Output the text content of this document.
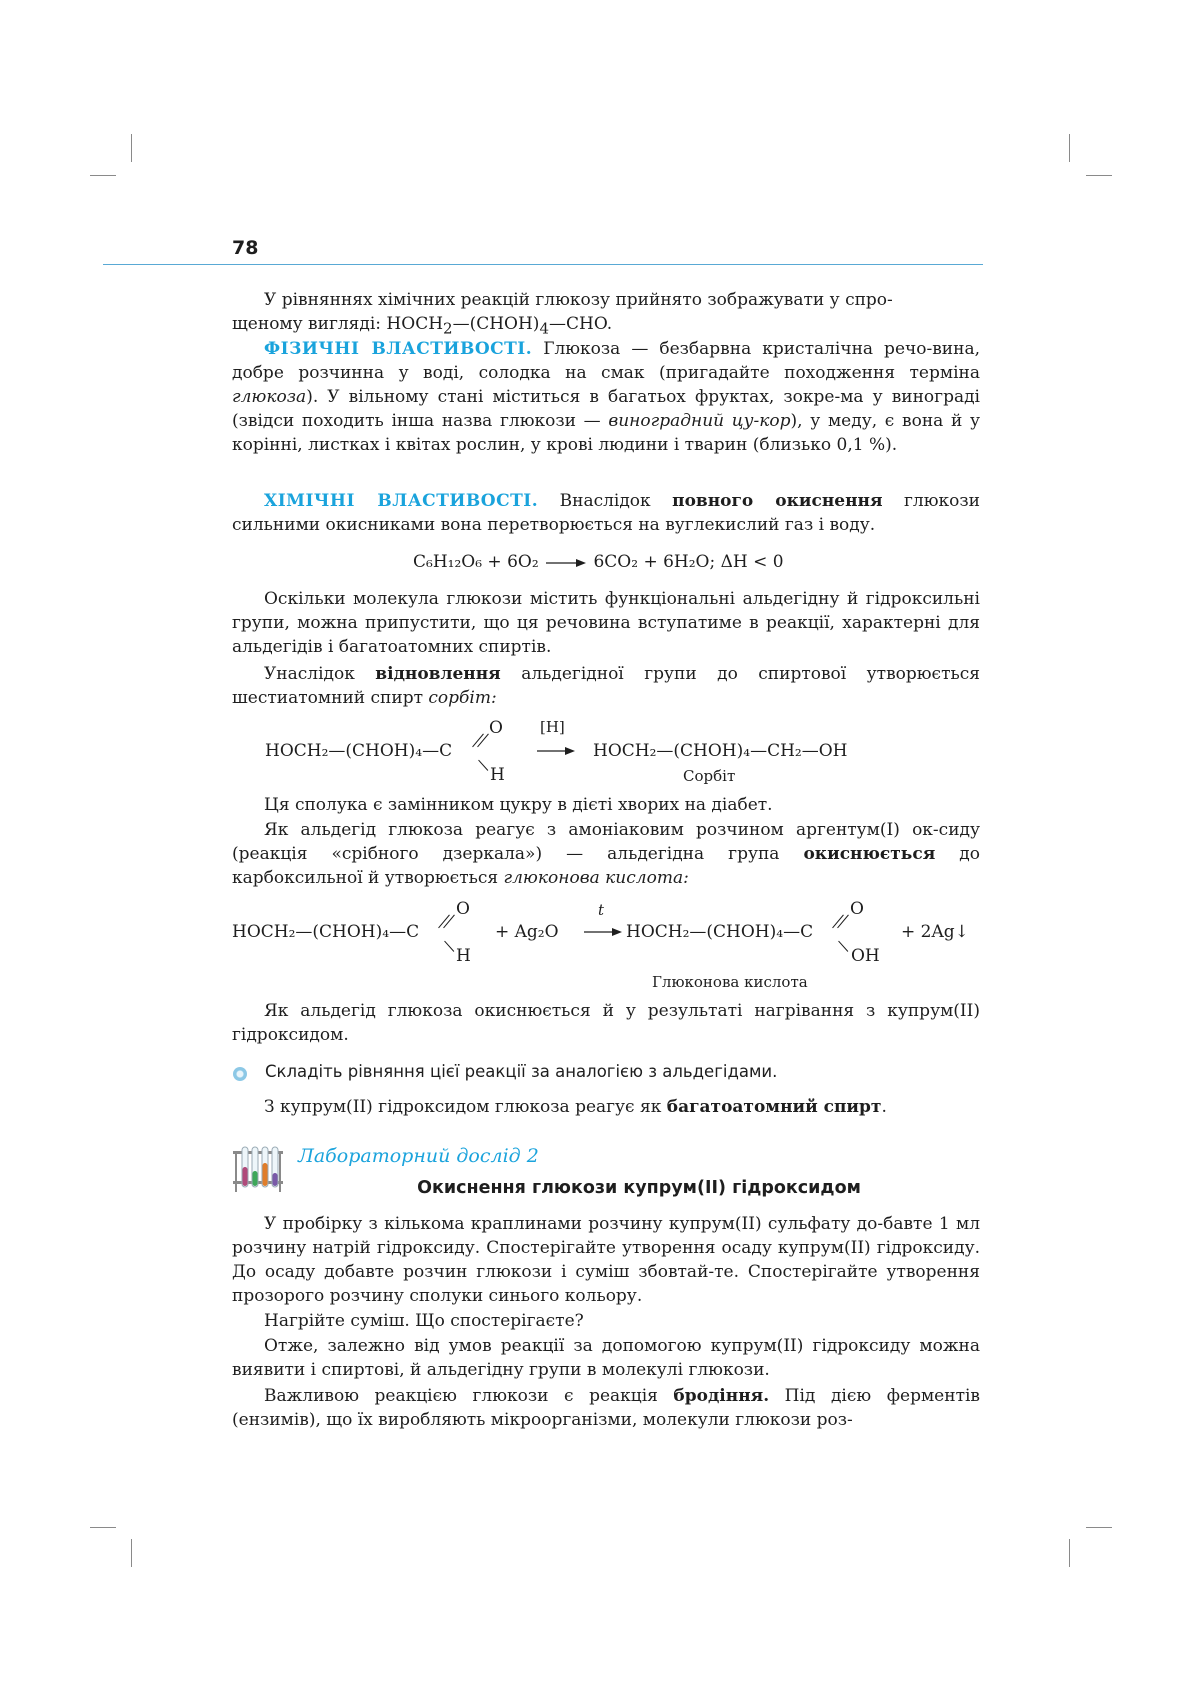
78
У рівняннях хімічних реакцій глюкозу прийнято зображувати у спро-
щеному вигляді: $HOCH_2—(CHOH)_4—CHO$.
ФІЗИЧНІ ВЛАСТИВОСТІ. Глюкоза — безбарвна кристалічна речо-вина, добре розчинна у воді, солодка на смак (пригадайте походження терміна глюкоза). У вільному стані міститься в багатьох фруктах, зокре-ма у винограді (звідси походить інша назва глюкози — виноградний цу-кор), у меду, є вона й у корінні, листках і квітах рослин, у крові людини і тварин (близько 0,1 %).
ХІМІЧНІ ВЛАСТИВОСТІ. Внаслідок повного окиснення глюкози сильними окисниками вона перетворюється на вуглекислий газ і воду.
C₆H₁₂O₆ + 6O₂ → 6CO₂ + 6H₂O; ΔH < 0
Оскільки молекула глюкози містить функціональні альдегідну й гідроксильні групи, можна припустити, що ця речовина вступатиме в реакції, характерні для альдегідів і багатоатомних спиртів.
Унаслідок відновлення альдегідної групи до спиртової утворюється шестиатомний спирт сорбіт:
HOCH₂—(CHOH)₄—C
O
H
[H]
→ HOCH₂—(CHOH)₄—CH₂—OH
Сорбіт
Ця сполука є замінником цукру в дієті хворих на діабет.
Як альдегід глюкоза реагує з амоніаковим розчином аргентум(I) ок-сиду (реакція «срібного дзеркала») — альдегідна група окиснюється до карбоксильної й утворюється глюконова кислота:
HOCH₂—(CHOH)₄—C
O
H
+ Ag₂O
t
→ HOCH₂—(CHOH)₄—C
O
OH
+ 2Ag↓
Глюконова кислота
Як альдегід глюкоза окиснюється й у результаті нагрівання з купрум(II) гідроксидом.
Складіть рівняння цієї реакції за аналогією з альдегідами.
З купрум(II) гідроксидом глюкоза реагує як багатоатомний спирт.
Лабораторний дослід 2
Окиснення глюкози купрум(ІІ) гідроксидом
У пробірку з кількома краплинами розчину купрум(II) сульфату до-бавте 1 мл розчину натрій гідроксиду. Спостерігайте утворення осаду купрум(II) гідроксиду. До осаду добавте розчин глюкози і суміш збовтай-те. Спостерігайте утворення прозорого розчину сполуки синього кольору.
Нагрійте суміш. Що спостерігаєте?
Отже, залежно від умов реакції за допомогою купрум(II) гідроксиду можна виявити і спиртові, й альдегідну групи в молекулі глюкози.
Важливою реакцією глюкози є реакція бродіння. Під дією ферментів (ензимів), що їх виробляють мікроорганізми, молекули глюкози роз-
